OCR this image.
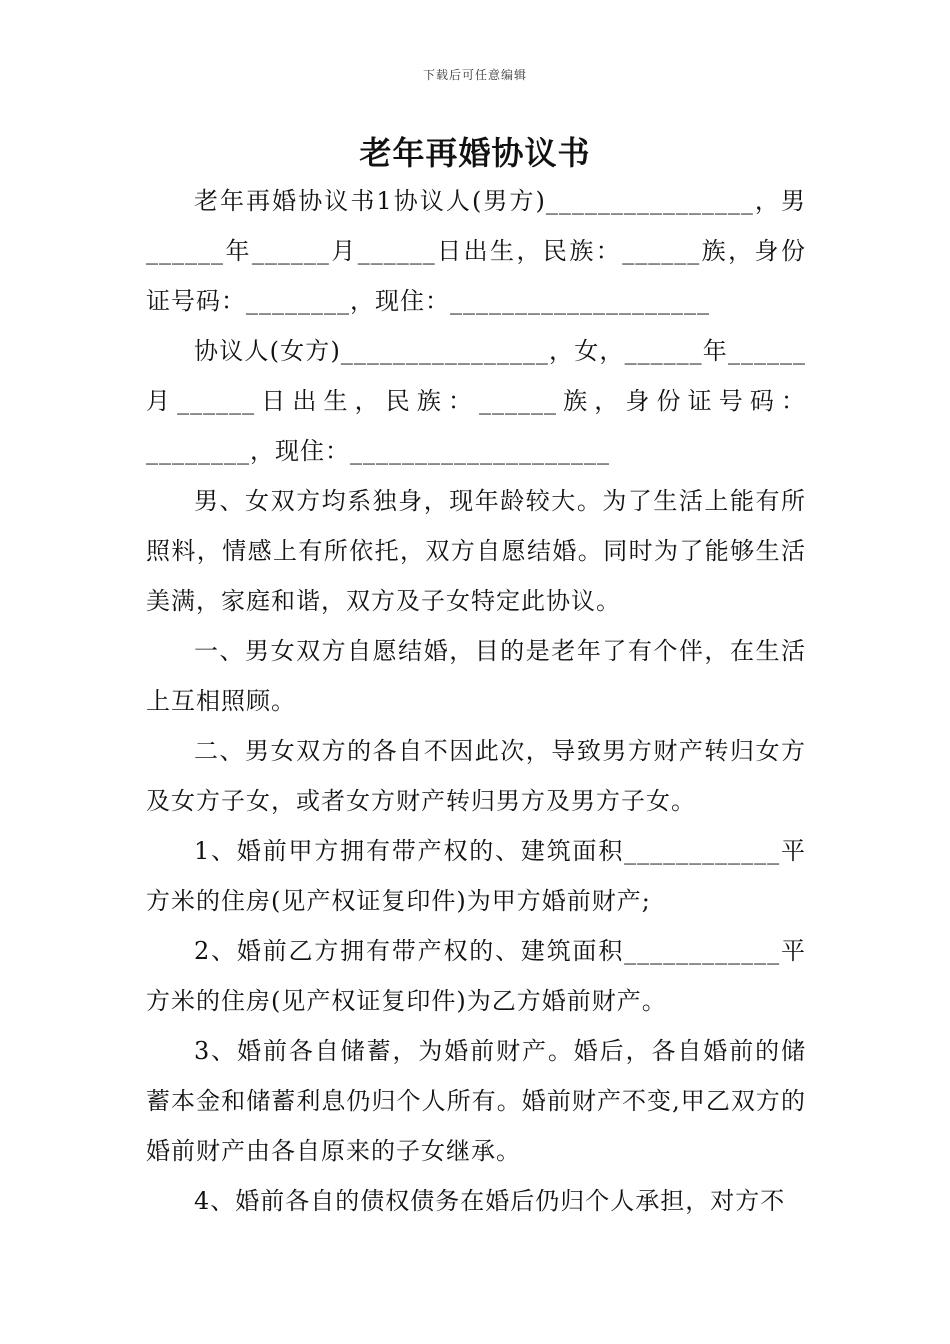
下载后可任意编辑
老年再婚协议书

老年再婚协议书1协议人(男方)________________，男______年______月______日出生，民族：______族，身份证号码：________，现住：____________________

协议人(女方)________________，女，______年______月______日出生，民族：______族，身份证号码：________，现住：____________________

男、女双方均系独身，现年龄较大。为了生活上能有所照料，情感上有所依托，双方自愿结婚。同时为了能够生活美满，家庭和谐，双方及子女特定此协议。

一、男女双方自愿结婚，目的是老年了有个伴，在生活上互相照顾。

二、男女双方的各自不因此次，导致男方财产转归女方及女方子女，或者女方财产转归男方及男方子女。

1、婚前甲方拥有带产权的、建筑面积____________平方米的住房(见产权证复印件)为甲方婚前财产;

2、婚前乙方拥有带产权的、建筑面积____________平方米的住房(见产权证复印件)为乙方婚前财产。

3、婚前各自储蓄，为婚前财产。婚后，各自婚前的储蓄本金和储蓄利息仍归个人所有。婚前财产不变,甲乙双方的婚前财产由各自原来的子女继承。

4、婚前各自的债权债务在婚后仍归个人承担，对方不
